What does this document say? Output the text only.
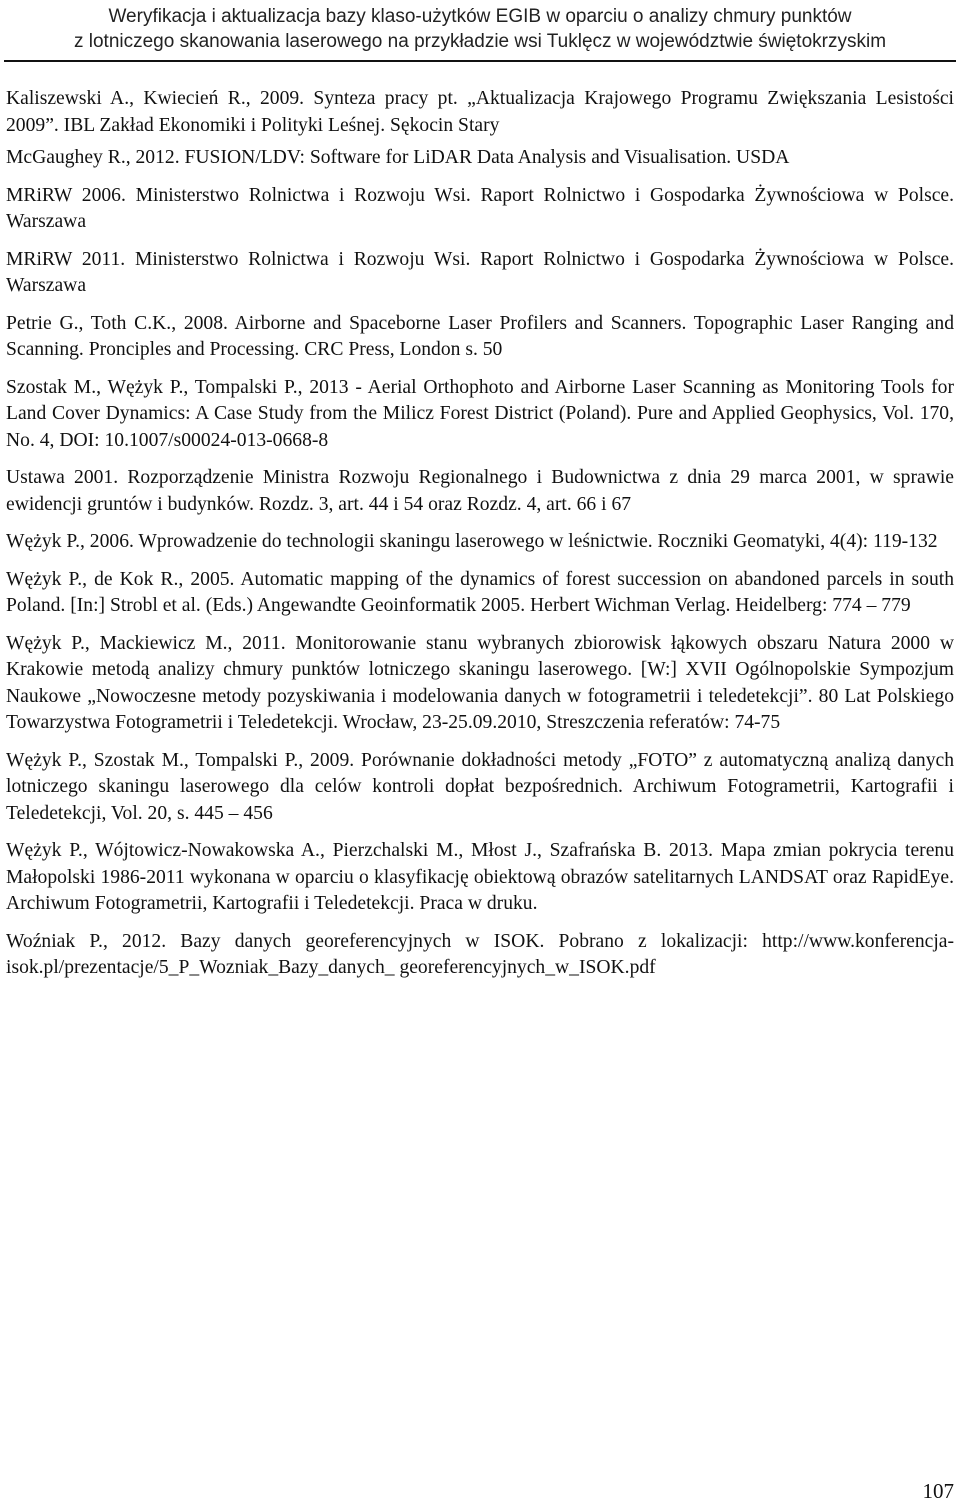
Weryfikacja i aktualizacja bazy klaso-użytków EGIB w oparciu o analizy chmury punktów
z lotniczego skanowania laserowego na przykładzie wsi Tuklęcz w województwie świętokrzyskim

Kaliszewski A., Kwiecień R., 2009. Synteza pracy pt. „Aktualizacja Krajowego Programu Zwiększania Lesistości 2009”. IBL Zakład Ekonomiki i Polityki Leśnej. Sękocin Stary

McGaughey R., 2012. FUSION/LDV: Software for LiDAR Data Analysis and Visualisation. USDA

MRiRW 2006. Ministerstwo Rolnictwa i Rozwoju Wsi. Raport Rolnictwo i Gospodarka Żywnościowa w Polsce. Warszawa

MRiRW 2011. Ministerstwo Rolnictwa i Rozwoju Wsi. Raport Rolnictwo i Gospodarka Żywnościowa w Polsce. Warszawa

Petrie G., Toth C.K., 2008. Airborne and Spaceborne Laser Profilers and Scanners. Topographic Laser Ranging and Scanning. Pronciples and Processing. CRC Press, London s. 50

Szostak M., Wężyk P., Tompalski P., 2013 - Aerial Orthophoto and Airborne Laser Scanning as Monitoring Tools for Land Cover Dynamics: A Case Study from the Milicz Forest District (Poland). Pure and Applied Geophysics, Vol. 170, No. 4, DOI: 10.1007/s00024-013-0668-8

Ustawa 2001. Rozporządzenie Ministra Rozwoju Regionalnego i Budownictwa z dnia 29 marca 2001, w sprawie ewidencji gruntów i budynków. Rozdz. 3, art. 44 i 54 oraz Rozdz. 4, art. 66 i 67

Wężyk P., 2006. Wprowadzenie do technologii skaningu laserowego w leśnictwie. Roczniki Geomatyki, 4(4): 119-132

Wężyk P., de Kok R., 2005. Automatic mapping of the dynamics of forest succession on abandoned parcels in south Poland. [In:] Strobl et al. (Eds.) Angewandte Geoinformatik 2005. Herbert Wichman Verlag. Heidelberg: 774 – 779

Wężyk P., Mackiewicz M., 2011. Monitorowanie stanu wybranych zbiorowisk łąkowych obszaru Natura 2000 w Krakowie metodą analizy chmury punktów lotniczego skaningu laserowego. [W:] XVII Ogólnopolskie Sympozjum Naukowe „Nowoczesne metody pozyskiwania i modelowania danych w fotogrametrii i teledetekcji”. 80 Lat Polskiego Towarzystwa Fotogrametrii i Teledetekcji. Wrocław, 23-25.09.2010, Streszczenia referatów: 74-75

Wężyk P., Szostak M., Tompalski P., 2009. Porównanie dokładności metody „FOTO” z automatyczną analizą danych lotniczego skaningu laserowego dla celów kontroli dopłat bezpośrednich. Archiwum Fotogrametrii, Kartografii i Teledetekcji, Vol. 20, s. 445 – 456

Wężyk P., Wójtowicz-Nowakowska A., Pierzchalski M., Młost J., Szafrańska B. 2013. Mapa zmian pokrycia terenu Małopolski 1986-2011 wykonana w oparciu o klasyfikację obiektową obrazów satelitarnych LANDSAT oraz RapidEye. Archiwum Fotogrametrii, Kartografii i Teledetekcji. Praca w druku.

Woźniak P., 2012. Bazy danych georeferencyjnych w ISOK. Pobrano z lokalizacji: http://www.konferencja-isok.pl/prezentacje/5_P_Wozniak_Bazy_danych_ georeferencyjnych_w_ISOK.pdf

107
